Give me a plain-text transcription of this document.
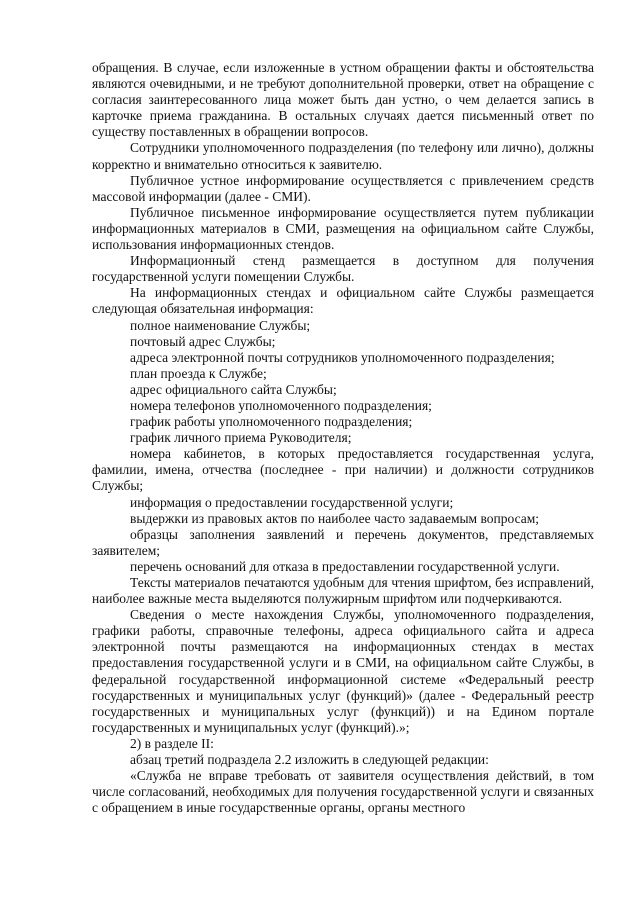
обращения. В случае, если изложенные в устном обращении факты и обстоятельства являются очевидными, и не требуют дополнительной проверки, ответ на обращение с согласия заинтересованного лица может быть дан устно, о чем делается запись в карточке приема гражданина. В остальных случаях дается письменный ответ по существу поставленных в обращении вопросов.

Сотрудники уполномоченного подразделения (по телефону или лично), должны корректно и внимательно относиться к заявителю.

Публичное устное информирование осуществляется с привлечением средств массовой информации (далее - СМИ).

Публичное письменное информирование осуществляется путем публикации информационных материалов в СМИ, размещения на официальном сайте Службы, использования информационных стендов.

Информационный стенд размещается в доступном для получения государственной услуги помещении Службы.

На информационных стендах и официальном сайте Службы размещается следующая обязательная информация:

полное наименование Службы;

почтовый адрес Службы;

адреса электронной почты сотрудников уполномоченного подразделения;

план проезда к Службе;

адрес официального сайта Службы;

номера телефонов уполномоченного подразделения;

график работы уполномоченного подразделения;

график личного приема Руководителя;

номера кабинетов, в которых предоставляется государственная услуга, фамилии, имена, отчества (последнее - при наличии) и должности сотрудников Службы;

информация о предоставлении государственной услуги;

выдержки из правовых актов по наиболее часто задаваемым вопросам;

образцы заполнения заявлений и перечень документов, представляемых заявителем;

перечень оснований для отказа в предоставлении государственной услуги.

Тексты материалов печатаются удобным для чтения шрифтом, без исправлений, наиболее важные места выделяются полужирным шрифтом или подчеркиваются.

Сведения о месте нахождения Службы, уполномоченного подразделения, графики работы, справочные телефоны, адреса официального сайта и адреса электронной почты размещаются на информационных стендах в местах предоставления государственной услуги и в СМИ, на официальном сайте Службы, в федеральной государственной информационной системе «Федеральный реестр государственных и муниципальных услуг (функций)» (далее - Федеральный реестр государственных и муниципальных услуг (функций)) и на Едином портале государственных и муниципальных услуг (функций).»;

2) в разделе II:

абзац третий подраздела 2.2 изложить в следующей редакции:

«Служба не вправе требовать от заявителя осуществления действий, в том числе согласований, необходимых для получения государственной услуги и связанных с обращением в иные государственные органы, органы местного
